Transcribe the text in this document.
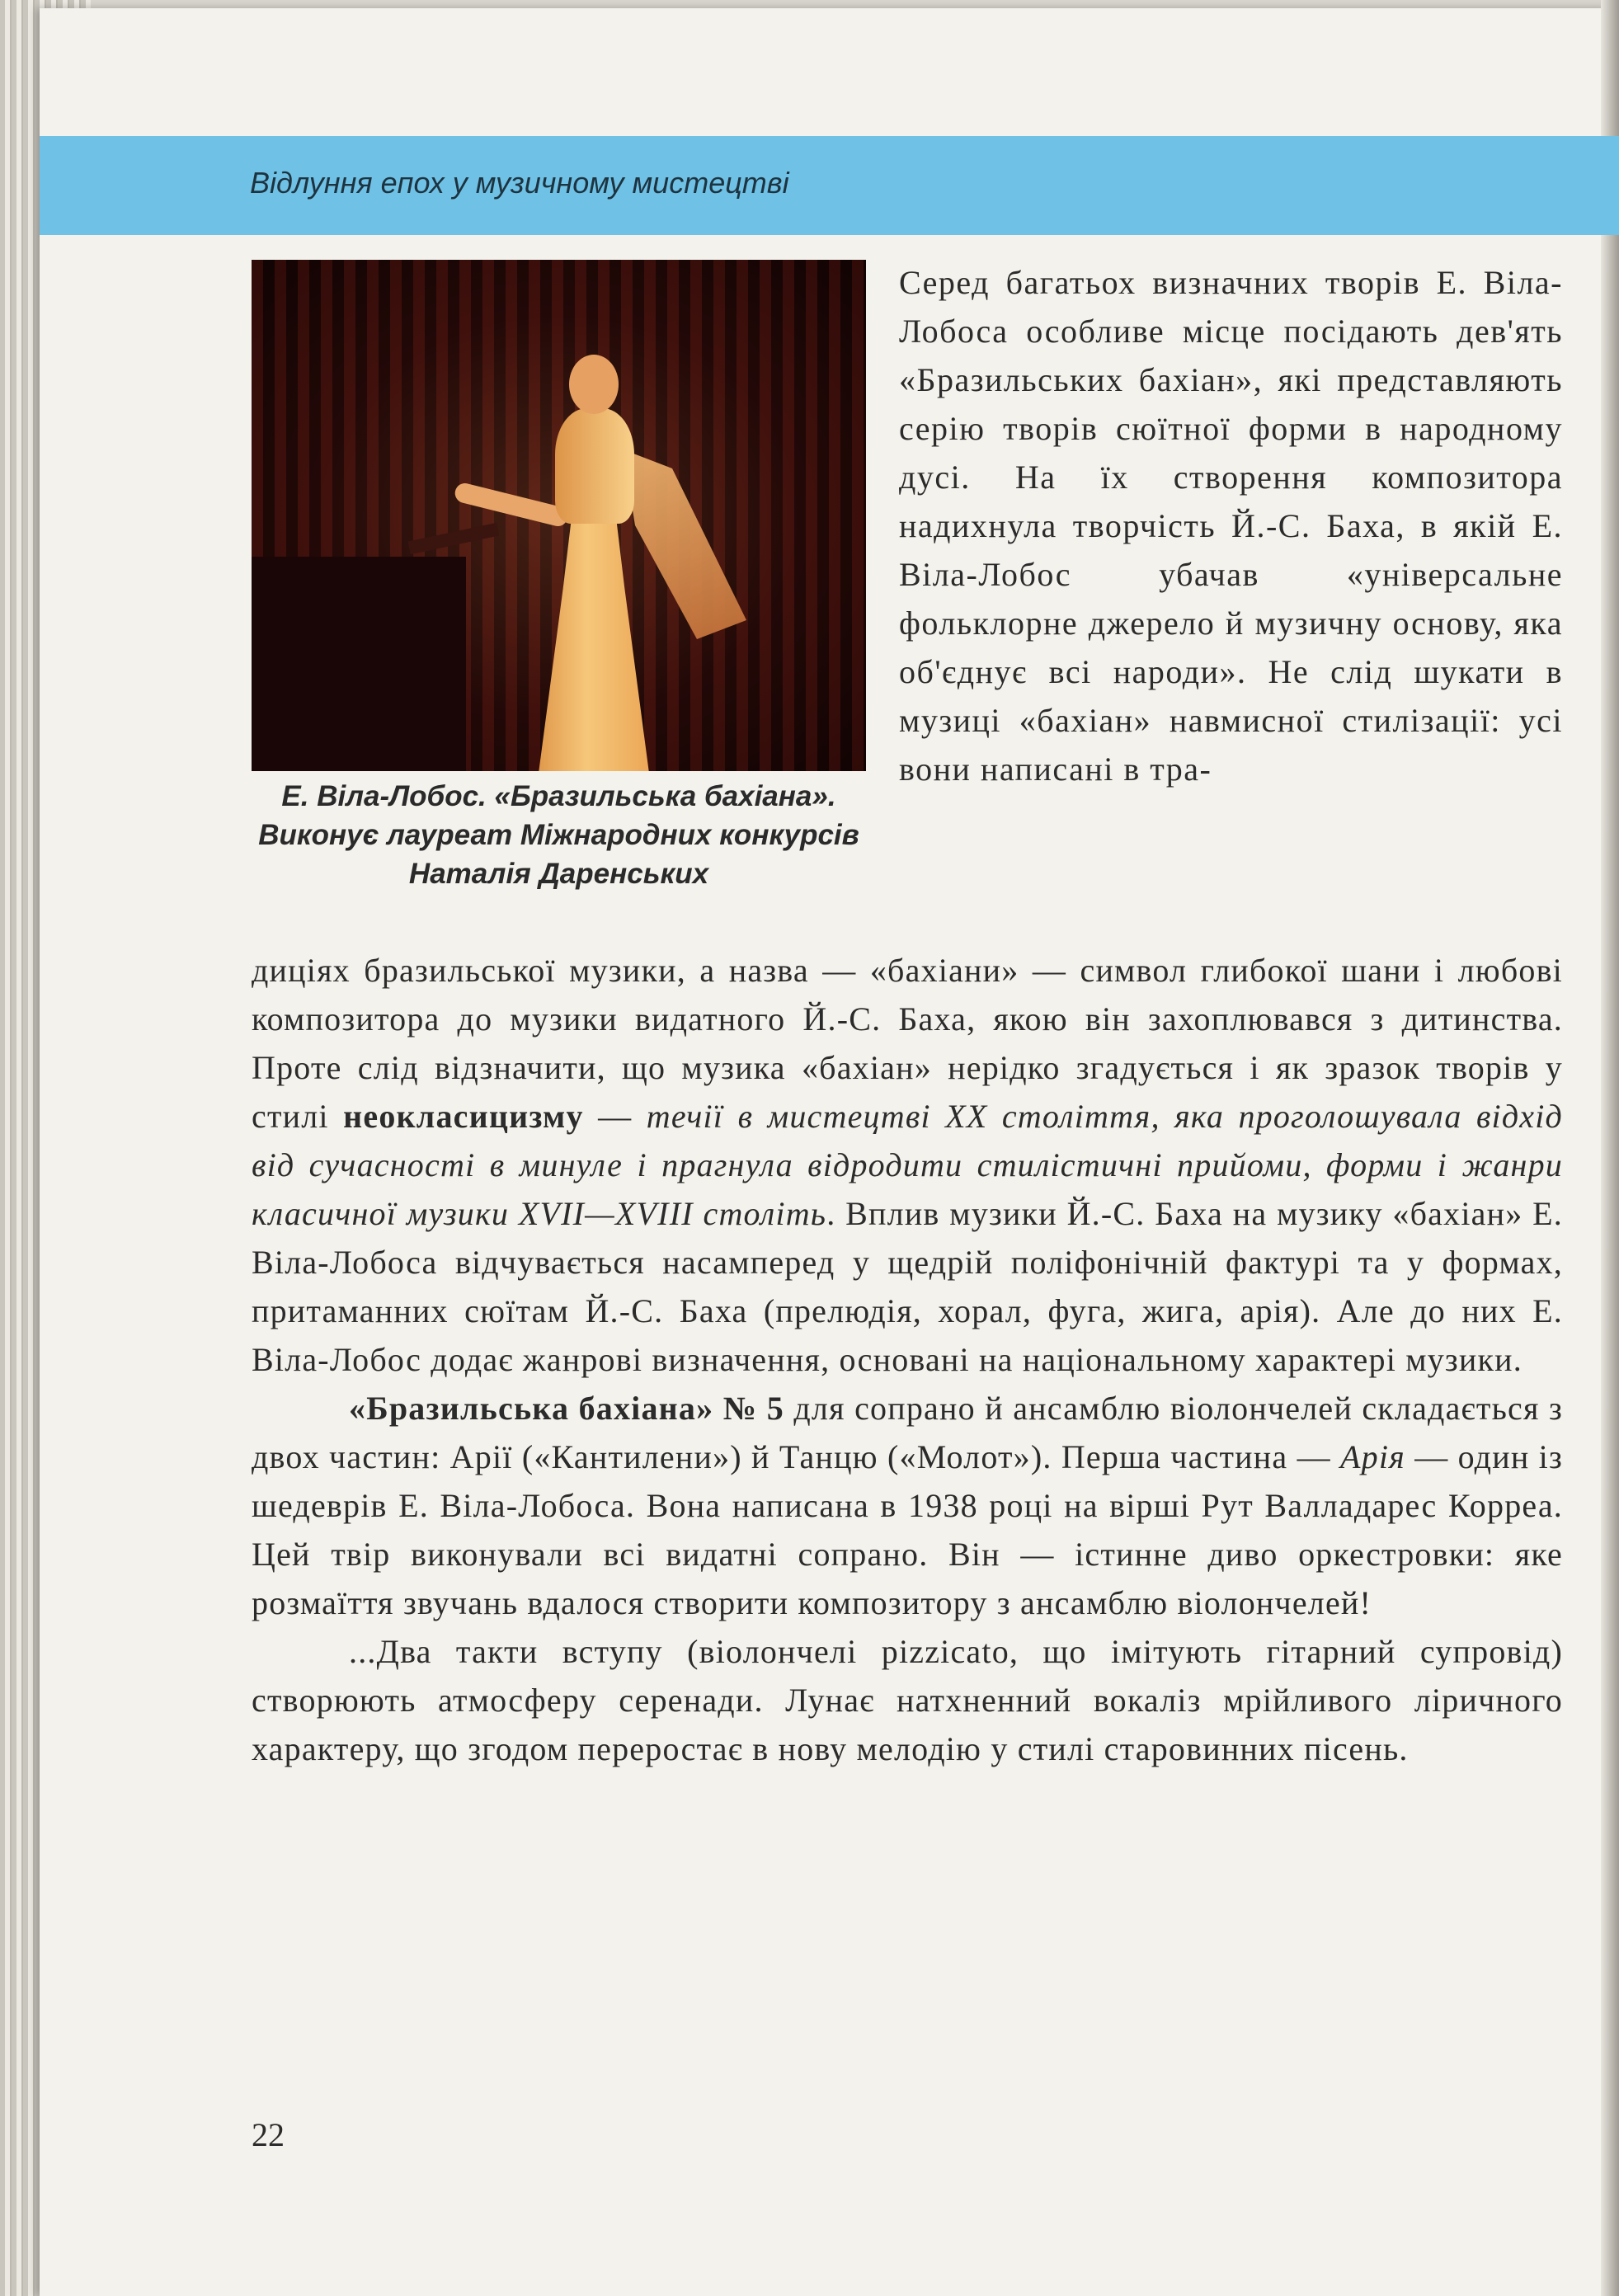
Відлуння епох у музичному мистецтві
Е. Віла-Лобос. «Бразильська бахіана». Виконує лауреат Міжнародних конкурсів Наталія Даренських
Серед багатьох визначних творів Е. Віла-Лобоса особливе місце посідають дев'ять «Бразильських бахіан», які представляють серію творів сюїтної форми в народному дусі. На їх створення композитора надихнула творчість Й.-С. Баха, в якій Е. Віла-Лобос убачав «універсальне фольклорне джерело й музичну основу, яка об'єднує всі народи». Не слід шукати в музиці «бахіан» навмисної стилізації: усі вони написані в тра-

диціях бразильської музики, а назва — «бахіани» — символ глибокої шани і любові композитора до музики видатного Й.-С. Баха, якою він захоплювався з дитинства. Проте слід відзначити, що музика «бахіан» нерідко згадується і як зразок творів у стилі неокласицизму — течії в мистецтві ХХ століття, яка проголошувала відхід від сучасності в минуле і прагнула відродити стилістичні прийоми, форми і жанри класичної музики XVII—XVIII століть. Вплив музики Й.-С. Баха на музику «бахіан» Е. Віла-Лобоса відчувається насамперед у щедрій поліфонічній фактурі та у формах, притаманних сюїтам Й.-С. Баха (прелюдія, хорал, фуга, жига, арія). Але до них Е. Віла-Лобос додає жанрові визначення, основані на національному характері музики.

«Бразильська бахіана» № 5 для сопрано й ансамблю віолончелей складається з двох частин: Арії («Кантилени») й Танцю («Молот»). Перша частина — Арія — один із шедеврів Е. Віла-Лобоса. Вона написана в 1938 році на вірші Рут Валладарес Корреа. Цей твір виконували всі видатні сопрано. Він — істинне диво оркестровки: яке розмаїття звучань вдалося створити композитору з ансамблю віолончелей!

...Два такти вступу (віолончелі pizzicato, що імітують гітарний супровід) створюють атмосферу серенади. Лунає натхненний вокаліз мрійливого ліричного характеру, що згодом переростає в нову мелодію у стилі старовинних пісень.

22
